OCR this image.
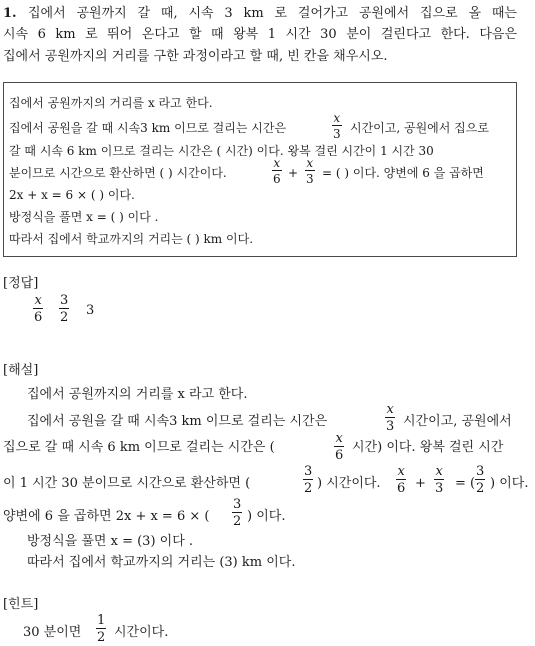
1. 집에서 공원까지 갈 때, 시속 3 km 로 걸어가고 공원에서 집으로 올 때는
시속 6 km 로 뛰어 온다고 할 때 왕복 1 시간 30 분이 걸린다고 한다. 다음은
집에서 공원까지의 거리를 구한 과정이라고 할 때, 빈 칸을 채우시오.
집에서 공원까지의 거리를 x 라고 한다.
집에서 공원을 갈 때 시속3 km 이므로 걸리는 시간은
x
3 시간이고, 공원에서 집으로
갈 때 시속 6 km 이므로 걸리는 시간은 ( 시간) 이다. 왕복 걸린 시간이 1 시간 30
분이므로 시간으로 환산하면 ( ) 시간이다.
x
6 +
x
3 = ( ) 이다. 양변에 6 을 곱하면
2x + x = 6 × ( ) 이다.
방정식을 풀면 x = ( ) 이다 .
따라서 집에서 학교까지의 거리는 ( ) km 이다.
[정답]
x
6
3
2 3
[해설]
집에서 공원까지의 거리를 x 라고 한다.
집에서 공원을 갈 때 시속3 km 이므로 걸리는 시간은
x
3 시간이고, 공원에서
집으로 갈 때 시속 6 km 이므로 걸리는 시간은 (
x
6
시간) 이다. 왕복 걸린 시간
이 1 시간 30 분이므로 시간으로 환산하면 (
3
2 ) 시간이다.
x
6 +
x
3 = (
3
2 ) 이다.
양변에 6 을 곱하면 2x + x = 6 × (
3
2 ) 이다.
방정식을 풀면 x = (3) 이다 .
따라서 집에서 학교까지의 거리는 (3) km 이다.
[힌트]
30 분이면
1
2 시간이다.
